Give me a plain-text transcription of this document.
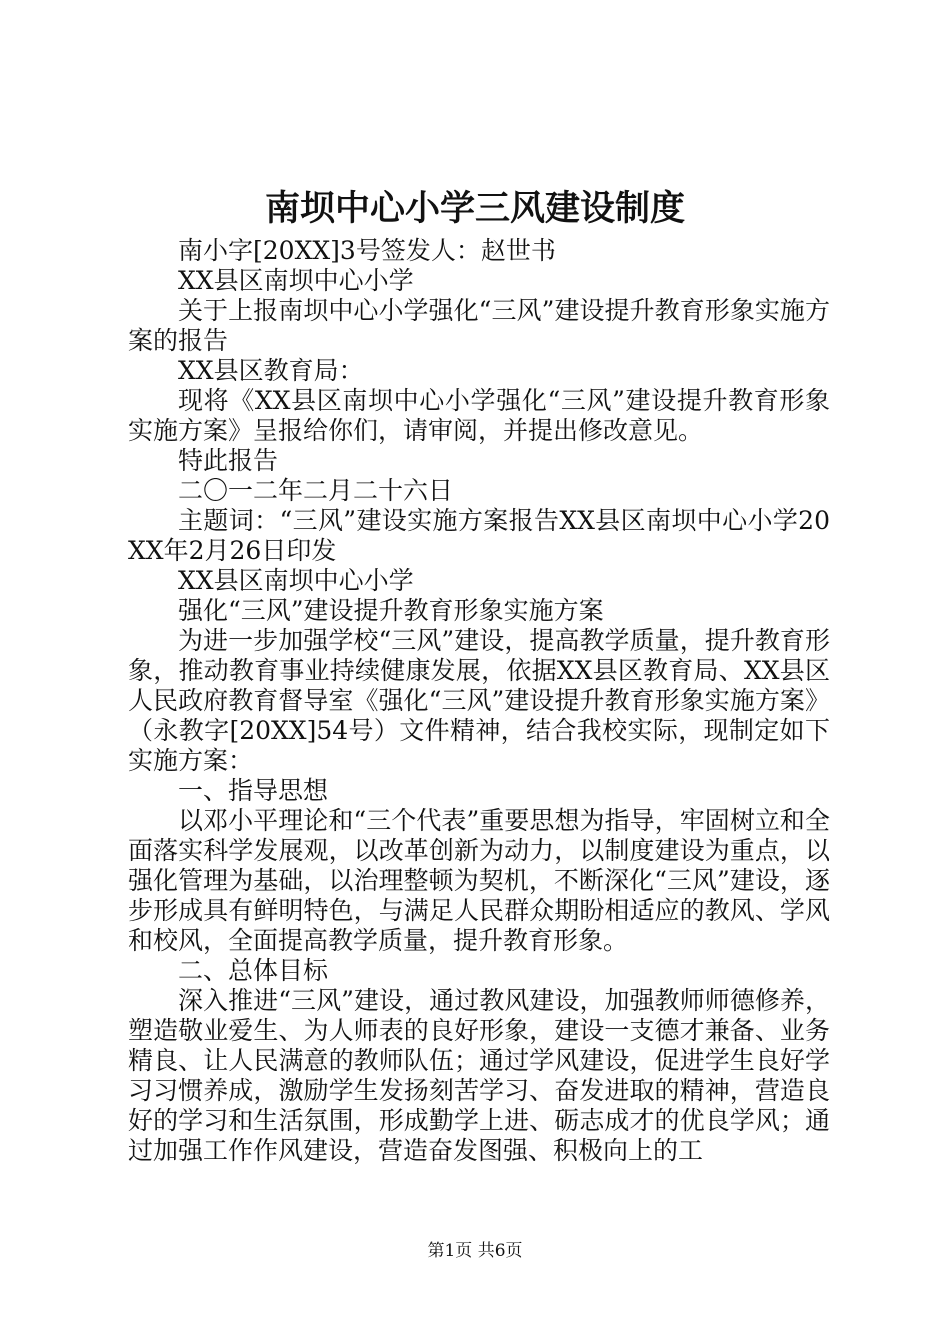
南坝中心小学三风建设制度

南小字[20XX]3号签发人：赵世书

XX县区南坝中心小学

关于上报南坝中心小学强化“三风”建设提升教育形象实施方案的报告

XX县区教育局：

现将《XX县区南坝中心小学强化“三风”建设提升教育形象实施方案》呈报给你们，请审阅，并提出修改意见。

特此报告

二〇一二年二月二十六日

主题词：“三风”建设实施方案报告XX县区南坝中心小学20XX年2月26日印发

XX县区南坝中心小学

强化“三风”建设提升教育形象实施方案

为进一步加强学校“三风”建设，提高教学质量，提升教育形象，推动教育事业持续健康发展，依据XX县区教育局、XX县区人民政府教育督导室《强化“三风”建设提升教育形象实施方案》（永教字[20XX]54号）文件精神，结合我校实际，现制定如下实施方案：

一、指导思想

以邓小平理论和“三个代表”重要思想为指导，牢固树立和全面落实科学发展观，以改革创新为动力，以制度建设为重点，以强化管理为基础，以治理整顿为契机，不断深化“三风”建设，逐步形成具有鲜明特色，与满足人民群众期盼相适应的教风、学风和校风，全面提高教学质量，提升教育形象。

二、总体目标

深入推进“三风”建设，通过教风建设，加强教师师德修养，塑造敬业爱生、为人师表的良好形象，建设一支德才兼备、业务精良、让人民满意的教师队伍；通过学风建设，促进学生良好学习习惯养成，激励学生发扬刻苦学习、奋发进取的精神，营造良好的学习和生活氛围，形成勤学上进、砺志成才的优良学风；通过加强工作作风建设，营造奋发图强、积极向上的工

第1页 共6页
